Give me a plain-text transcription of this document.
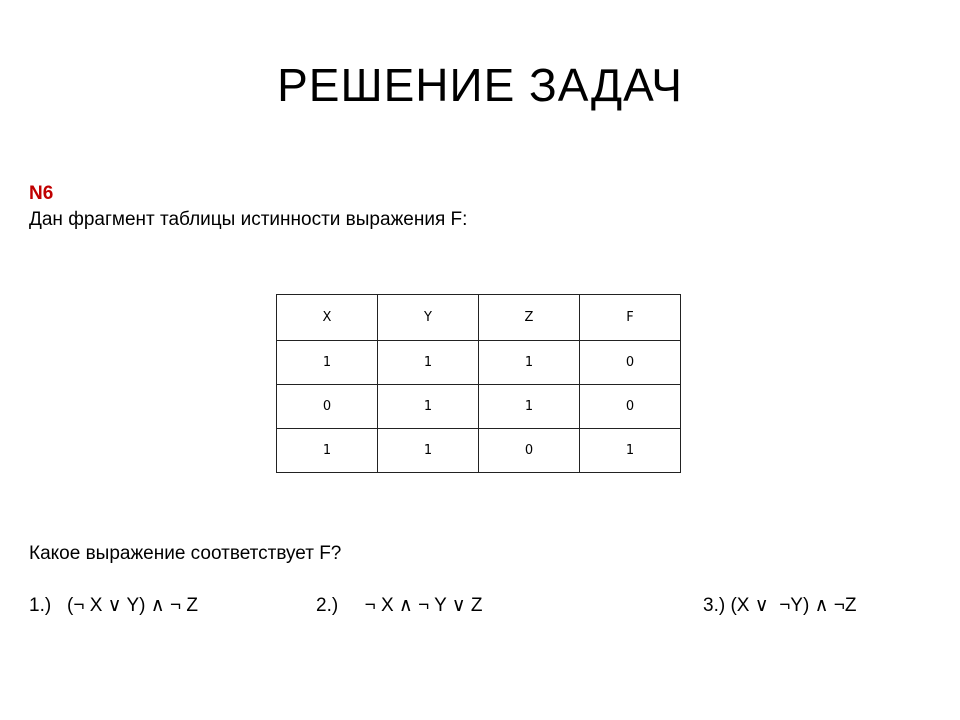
РЕШЕНИЕ ЗАДАЧ
N6
Дан фрагмент таблицы истинности выражения F:
X	Y	Z	F
1	1	1	0
0	1	1	0
1	1	0	1
Какое выражение соответствует F?
1.)   (¬ X ∨ Y) ∧ ¬ Z	2.)     ¬ X ∧ ¬ Y ∨ Z	3.) (X ∨  ¬Y) ∧ ¬Z
